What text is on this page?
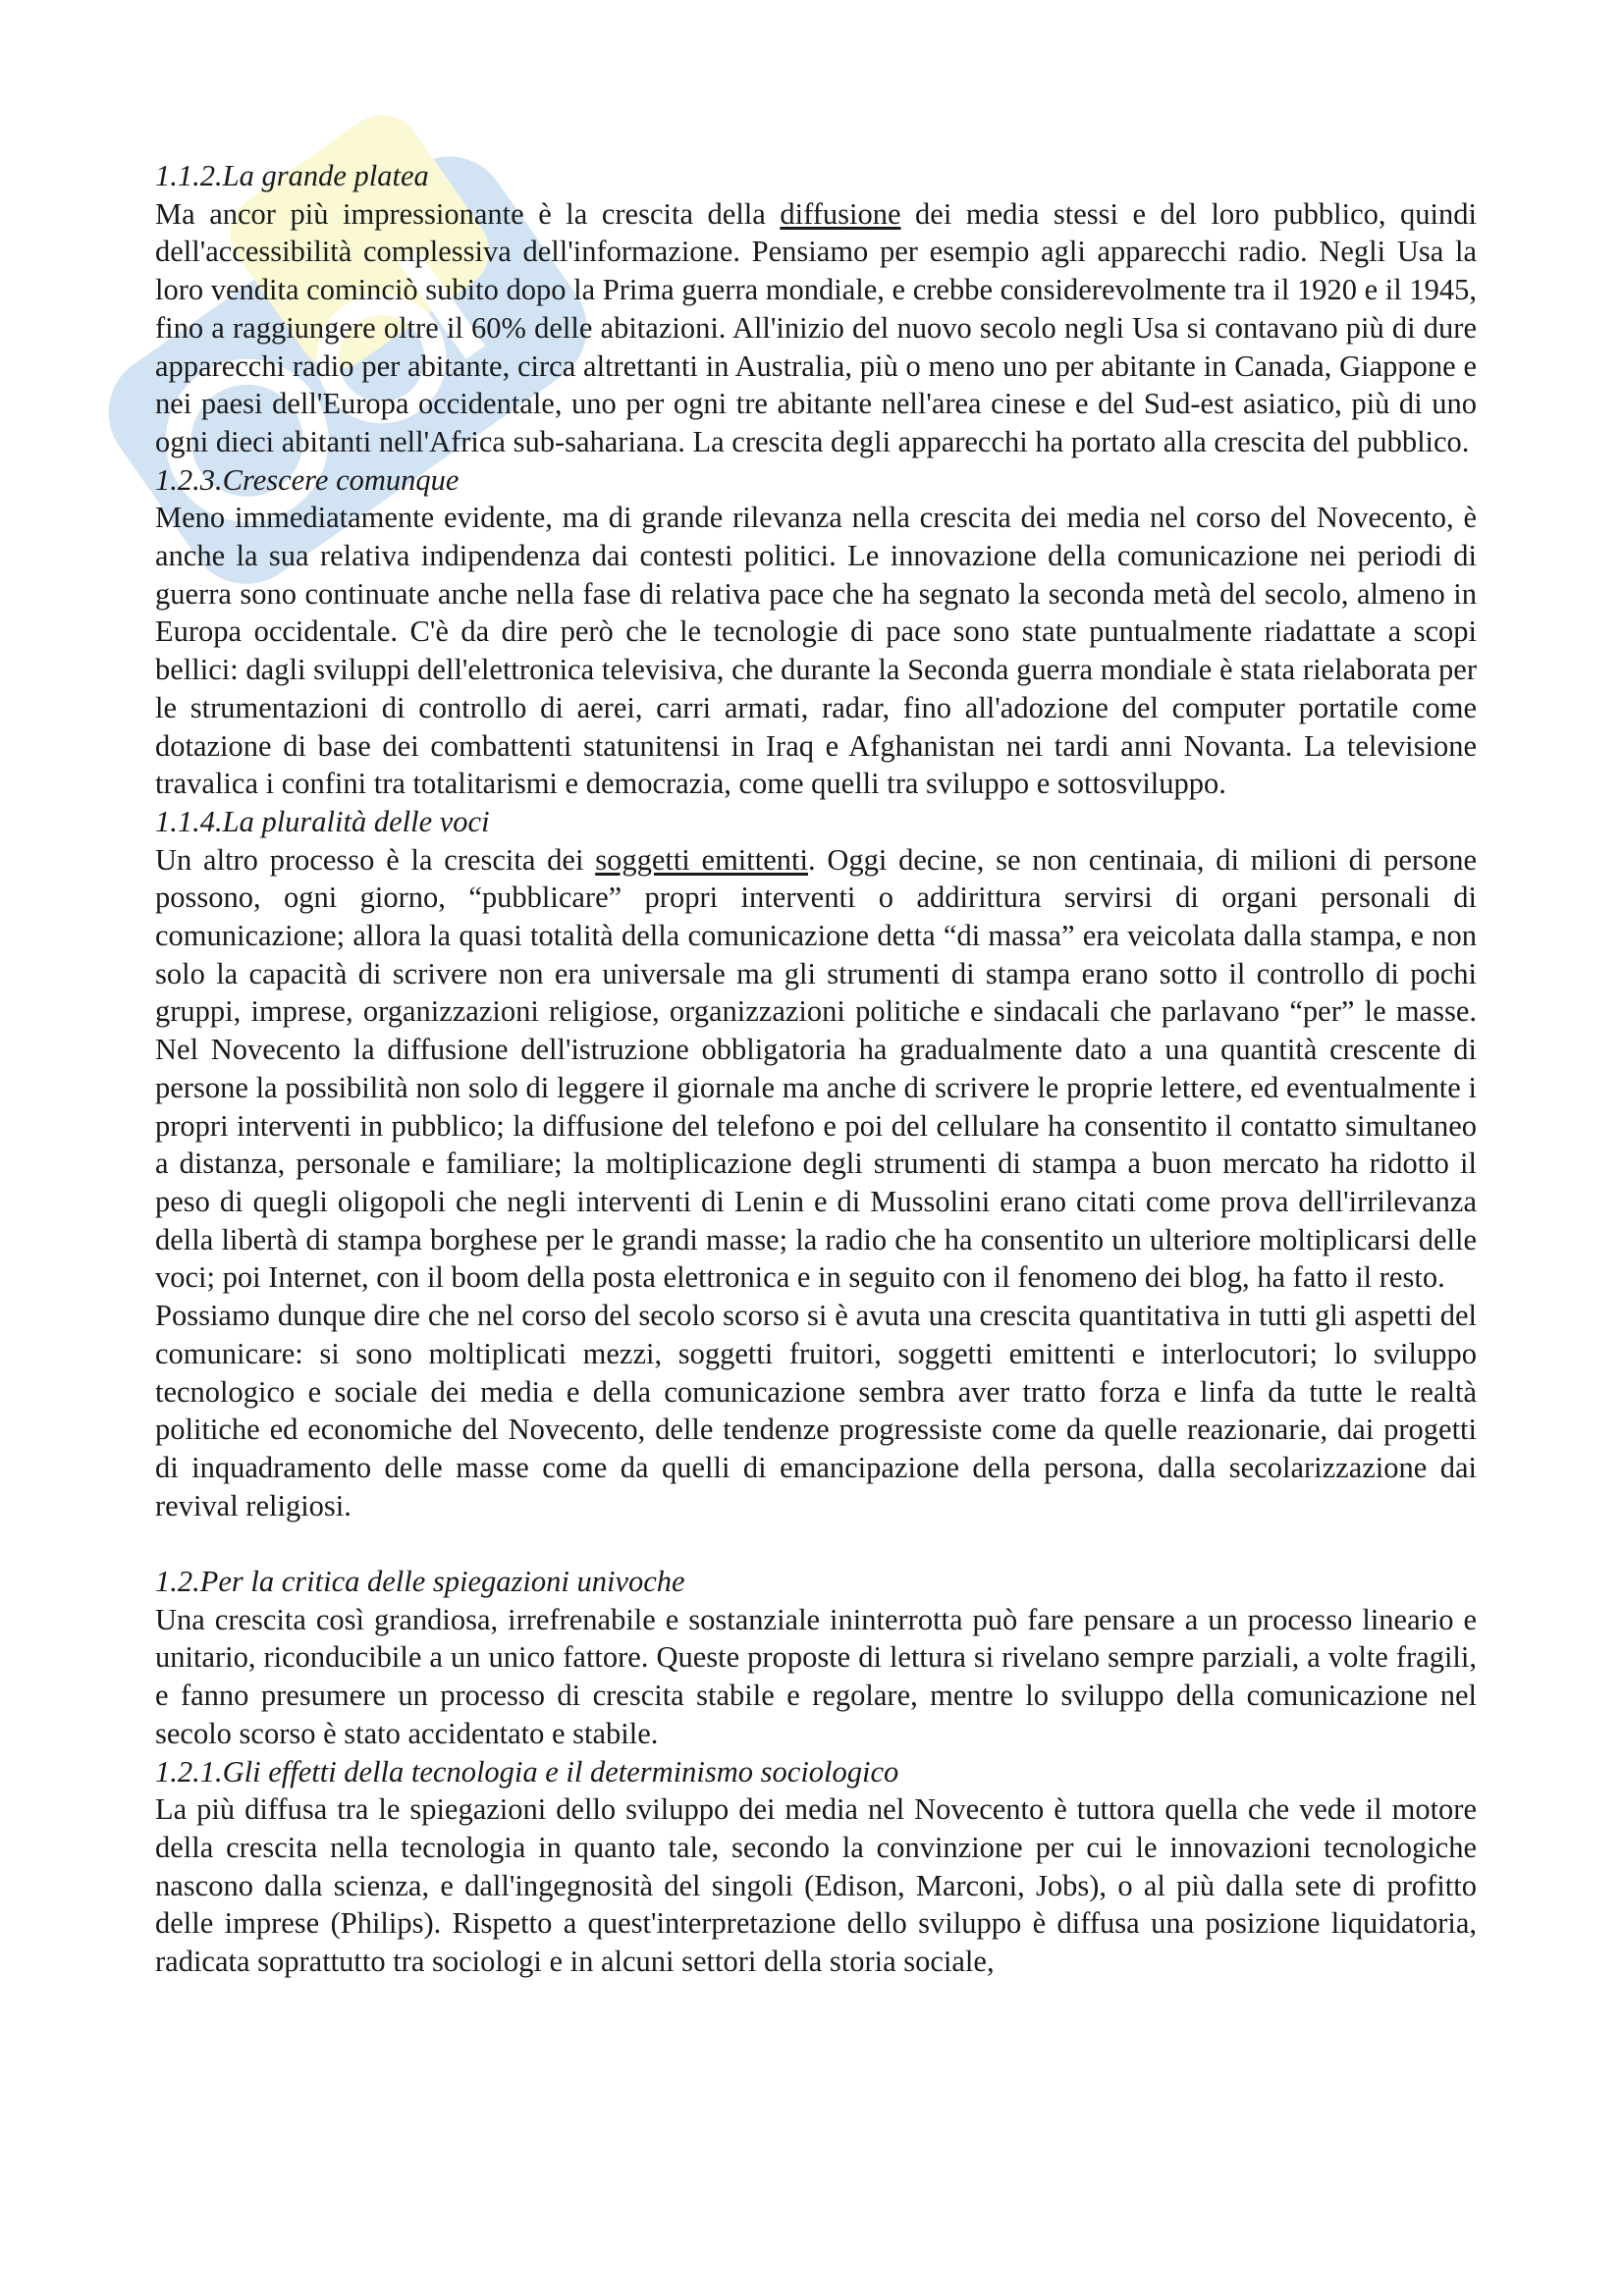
1.1.2.La grande platea

Ma ancor più impressionante è la crescita della diffusione dei media stessi e del loro pubblico, quindi dell'accessibilità complessiva dell'informazione. Pensiamo per esempio agli apparecchi radio. Negli Usa la loro vendita cominciò subito dopo la Prima guerra mondiale, e crebbe considerevolmente tra il 1920 e il 1945, fino a raggiungere oltre il 60% delle abitazioni. All'inizio del nuovo secolo negli Usa si contavano più di dure apparecchi radio per abitante, circa altrettanti in Australia, più o meno uno per abitante in Canada, Giappone e nei paesi dell'Europa occidentale, uno per ogni tre abitante nell'area cinese e del Sud-est asiatico, più di uno ogni dieci abitanti nell'Africa sub-sahariana. La crescita degli apparecchi ha portato alla crescita del pubblico.

1.2.3.Crescere comunque

Meno immediatamente evidente, ma di grande rilevanza nella crescita dei media nel corso del Novecento, è anche la sua relativa indipendenza dai contesti politici. Le innovazione della comunicazione nei periodi di guerra sono continuate anche nella fase di relativa pace che ha segnato la seconda metà del secolo, almeno in Europa occidentale. C'è da dire però che le tecnologie di pace sono state puntualmente riadattate a scopi bellici: dagli sviluppi dell'elettronica televisiva, che durante la Seconda guerra mondiale è stata rielaborata per le strumentazioni di controllo di aerei, carri armati, radar, fino all'adozione del computer portatile come dotazione di base dei combattenti statunitensi in Iraq e Afghanistan nei tardi anni Novanta. La televisione travalica i confini tra totalitarismi e democrazia, come quelli tra sviluppo e sottosviluppo.

1.1.4.La pluralità delle voci

Un altro processo è la crescita dei soggetti emittenti. Oggi decine, se non centinaia, di milioni di persone possono, ogni giorno, “pubblicare” propri interventi o addirittura servirsi di organi personali di comunicazione; allora la quasi totalità della comunicazione detta “di massa” era veicolata dalla stampa, e non solo la capacità di scrivere non era universale ma gli strumenti di stampa erano sotto il controllo di pochi gruppi, imprese, organizzazioni religiose, organizzazioni politiche e sindacali che parlavano “per” le masse. Nel Novecento la diffusione dell'istruzione obbligatoria ha gradualmente dato a una quantità crescente di persone la possibilità non solo di leggere il giornale ma anche di scrivere le proprie lettere, ed eventualmente i propri interventi in pubblico; la diffusione del telefono e poi del cellulare ha consentito il contatto simultaneo a distanza, personale e familiare; la moltiplicazione degli strumenti di stampa a buon mercato ha ridotto il peso di quegli oligopoli che negli interventi di Lenin e di Mussolini erano citati come prova dell'irrilevanza della libertà di stampa borghese per le grandi masse; la radio che ha consentito un ulteriore moltiplicarsi delle voci; poi Internet, con il boom della posta elettronica e in seguito con il fenomeno dei blog, ha fatto il resto.

Possiamo dunque dire che nel corso del secolo scorso si è avuta una crescita quantitativa in tutti gli aspetti del comunicare: si sono moltiplicati mezzi, soggetti fruitori, soggetti emittenti e interlocutori; lo sviluppo tecnologico e sociale dei media e della comunicazione sembra aver tratto forza e linfa da tutte le realtà politiche ed economiche del Novecento, delle tendenze progressiste come da quelle reazionarie, dai progetti di inquadramento delle masse come da quelli di emancipazione della persona, dalla secolarizzazione dai revival religiosi.

1.2.Per la critica delle spiegazioni univoche

Una crescita così grandiosa, irrefrenabile e sostanziale ininterrotta può fare pensare a un processo lineario e unitario, riconducibile a un unico fattore. Queste proposte di lettura si rivelano sempre parziali, a volte fragili, e fanno presumere un processo di crescita stabile e regolare, mentre lo sviluppo della comunicazione nel secolo scorso è stato accidentato e stabile.

1.2.1.Gli effetti della tecnologia e il determinismo sociologico

La più diffusa tra le spiegazioni dello sviluppo dei media nel Novecento è tuttora quella che vede il motore della crescita nella tecnologia in quanto tale, secondo la convinzione per cui le innovazioni tecnologiche nascono dalla scienza, e dall'ingegnosità del singoli (Edison, Marconi, Jobs), o al più dalla sete di profitto delle imprese (Philips). Rispetto a quest'interpretazione dello sviluppo è diffusa una posizione liquidatoria, radicata soprattutto tra sociologi e in alcuni settori della storia sociale,
